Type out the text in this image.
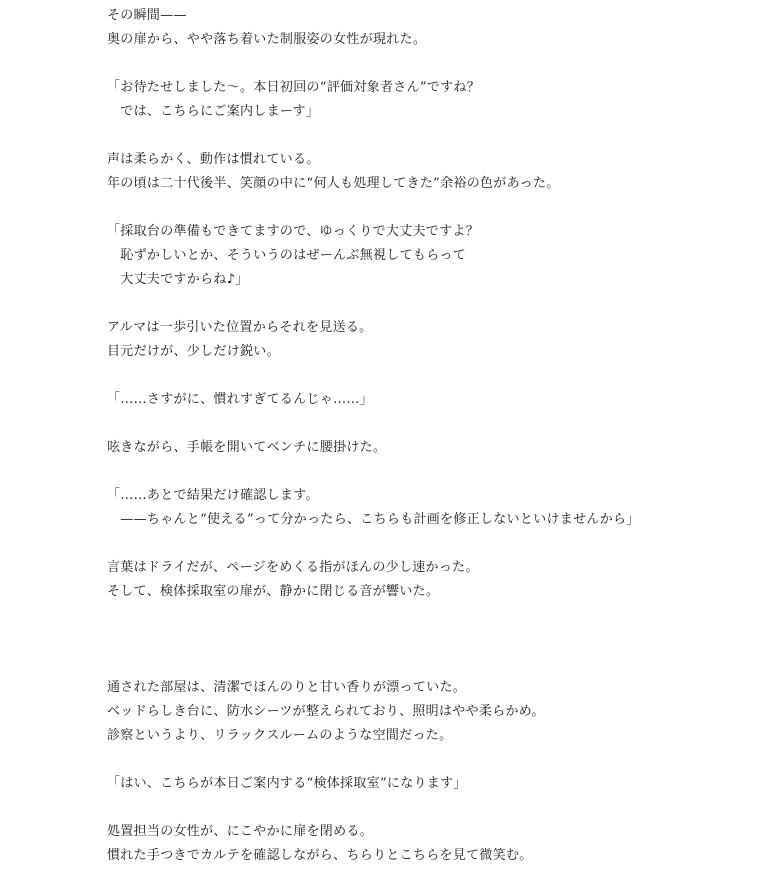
その瞬間——
奥の扉から、やや落ち着いた制服姿の女性が現れた。
「お待たせしました〜。本日初回の“評価対象者さん”ですね？
　では、こちらにご案内しまーす」
声は柔らかく、動作は慣れている。
年の頃は二十代後半、笑顔の中に“何人も処理してきた”余裕の色があった。
「採取台の準備もできてますので、ゆっくりで大丈夫ですよ？
　恥ずかしいとか、そういうのはぜーんぶ無視してもらって
　大丈夫ですからね♪」
アルマは一歩引いた位置からそれを見送る。
目元だけが、少しだけ鋭い。
「……さすがに、慣れすぎてるんじゃ……」
呟きながら、手帳を開いてベンチに腰掛けた。
「……あとで結果だけ確認します。
　——ちゃんと“使える”って分かったら、こちらも計画を修正しないといけませんから」
言葉はドライだが、ページをめくる指がほんの少し速かった。
そして、検体採取室の扉が、静かに閉じる音が響いた。
通された部屋は、清潔でほんのりと甘い香りが漂っていた。
ベッドらしき台に、防水シーツが整えられており、照明はやや柔らかめ。
診察というより、リラックスルームのような空間だった。
「はい、こちらが本日ご案内する“検体採取室”になります」
処置担当の女性が、にこやかに扉を閉める。
慣れた手つきでカルテを確認しながら、ちらりとこちらを見て微笑む。
